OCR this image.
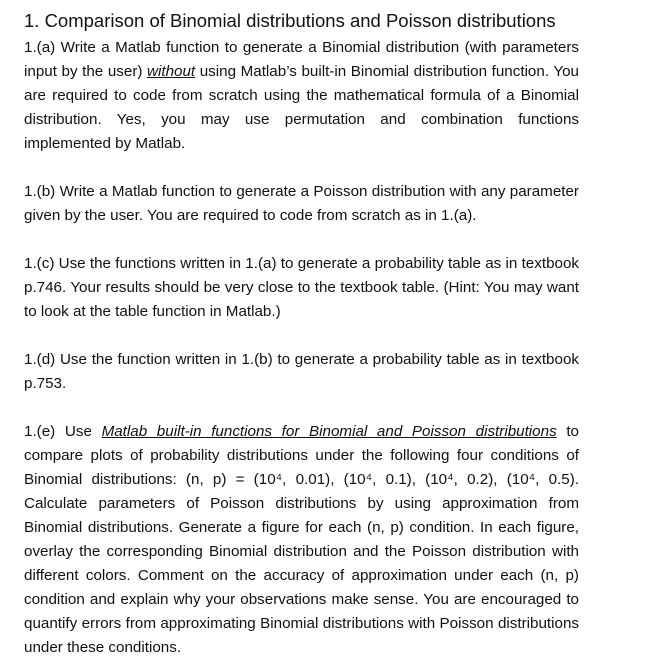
1. Comparison of Binomial distributions and Poisson distributions

1.(a) Write a Matlab function to generate a Binomial distribution (with parameters input by the user) without using Matlab’s built-in Binomial distribution function. You are required to code from scratch using the mathematical formula of a Binomial distribution. Yes, you may use permutation and combination functions implemented by Matlab.

1.(b) Write a Matlab function to generate a Poisson distribution with any parameter given by the user. You are required to code from scratch as in 1.(a).

1.(c) Use the functions written in 1.(a) to generate a probability table as in textbook p.746. Your results should be very close to the textbook table. (Hint: You may want to look at the table function in Matlab.)

1.(d) Use the function written in 1.(b) to generate a probability table as in textbook p.753.

1.(e) Use Matlab built-in functions for Binomial and Poisson distributions to compare plots of probability distributions under the following four conditions of Binomial distributions: (n, p) = (10⁴, 0.01), (10⁴, 0.1), (10⁴, 0.2), (10⁴, 0.5). Calculate parameters of Poisson distributions by using approximation from Binomial distributions. Generate a figure for each (n, p) condition. In each figure, overlay the corresponding Binomial distribution and the Poisson distribution with different colors. Comment on the accuracy of approximation under each (n, p) condition and explain why your observations make sense. You are encouraged to quantify errors from approximating Binomial distributions with Poisson distributions under these conditions.
